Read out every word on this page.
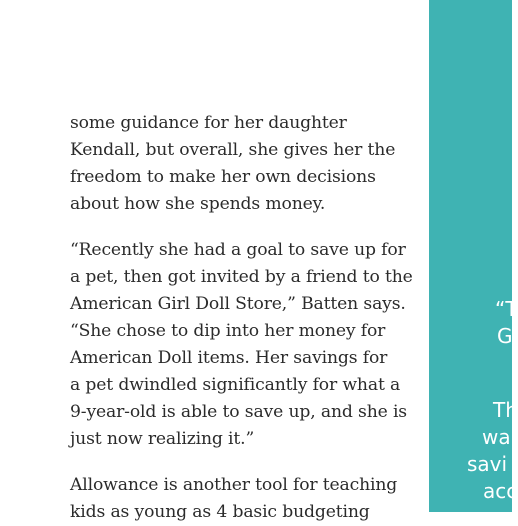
some guidance for her daughter
Kendall, but overall, she gives her the
freedom to make her own decisions
about how she spends money.

“Recently she had a goal to save up for
a pet, then got invited by a friend to the
American Girl Doll Store,” Batten says.
“She chose to dip into her money for
American Doll items. Her savings for
a pet dwindled significantly for what a
9-year-old is able to save up, and she is
just now realizing it.”

Allowance is another tool for teaching
kids as young as 4 basic budgeting

“T
G
Th
wa
savi
acc
